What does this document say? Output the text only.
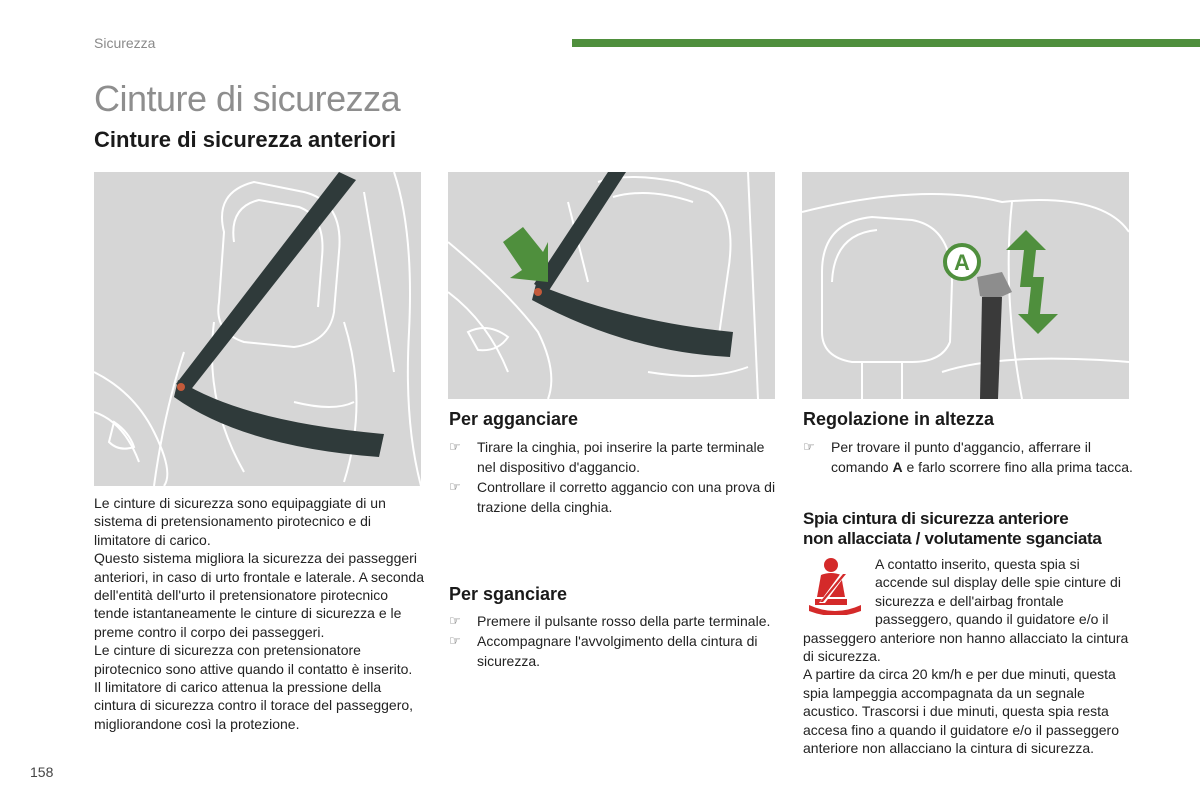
Sicurezza
Cinture di sicurezza
Cinture di sicurezza anteriori
A

Le cinture di sicurezza sono equipaggiate di un sistema di pretensionamento pirotecnico e di limitatore di carico.

Questo sistema migliora la sicurezza dei passeggeri anteriori, in caso di urto frontale e laterale. A seconda dell'entità dell'urto il pretensionatore pirotecnico tende istantaneamente le cinture di sicurezza e le preme contro il corpo dei passeggeri.

Le cinture di sicurezza con pretensionatore pirotecnico sono attive quando il contatto è inserito.

Il limitatore di carico attenua la pressione della cintura di sicurezza contro il torace del passeggero, migliorandone così la protezione.

Per agganciare
☞	Tirare la cinghia, poi inserire la parte terminale nel dispositivo d'aggancio.
☞	Controllare il corretto aggancio con una prova di trazione della cinghia.
Per sganciare
☞	Premere il pulsante rosso della parte terminale.
☞	Accompagnare l'avvolgimento della cintura di sicurezza.
Regolazione in altezza
☞	Per trovare il punto d'aggancio, afferrare il comando A e farlo scorrere fino alla prima tacca.
Spia cintura di sicurezza anteriore
non allacciata / volutamente sganciata

A contatto inserito, questa spia si accende sul display delle spie cinture di sicurezza e dell'airbag frontale passeggero, quando il guidatore e/o il passeggero anteriore non hanno allacciato la cintura di sicurezza.

A partire da circa 20 km/h e per due minuti, questa spia lampeggia accompagnata da un segnale acustico. Trascorsi i due minuti, questa spia resta accesa fino a quando il guidatore e/o il passeggero anteriore non allacciano la cintura di sicurezza.

158
